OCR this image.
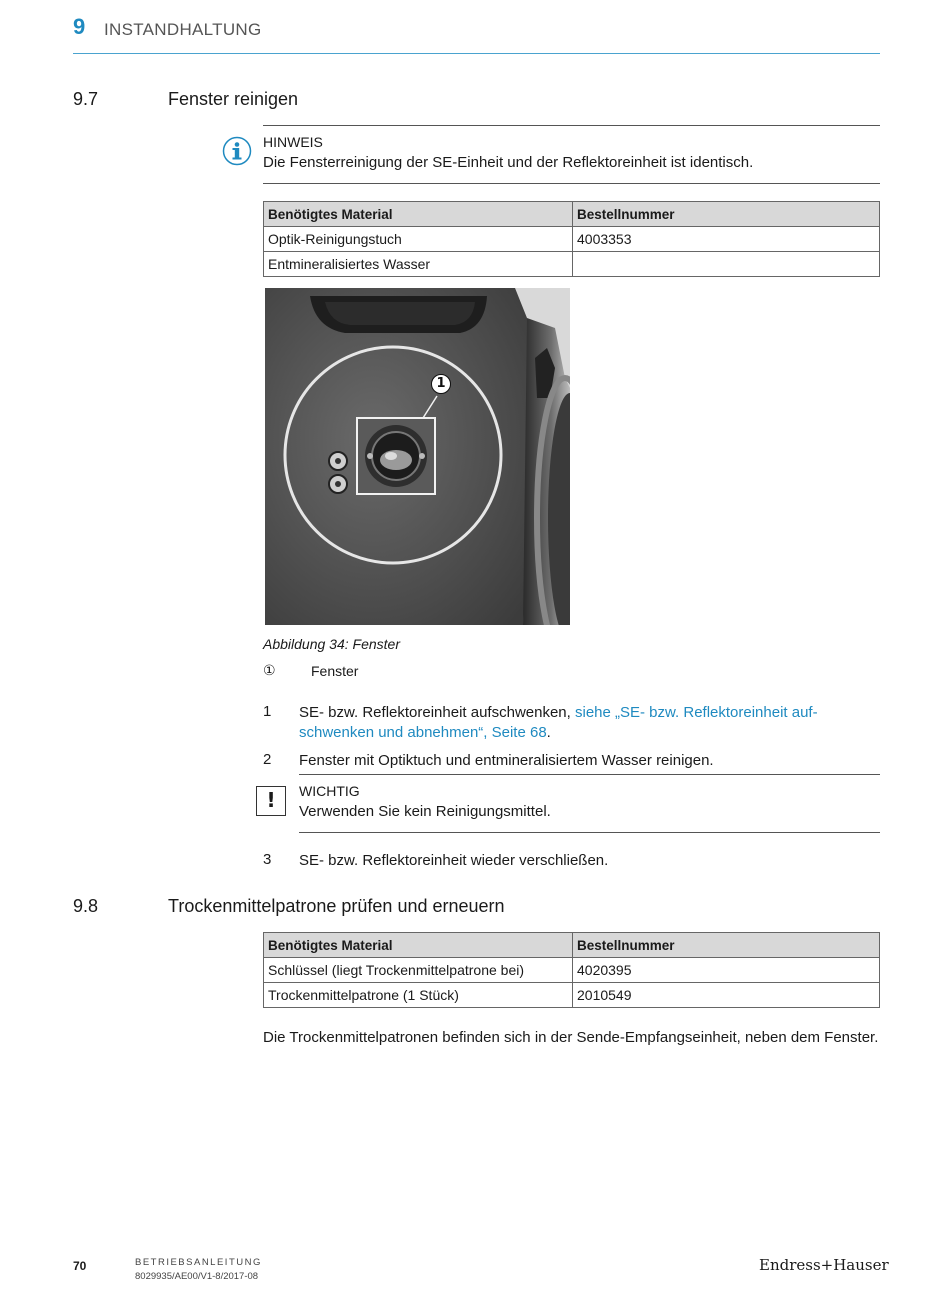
9 INSTANDHALTUNG
9.7	Fenster reinigen
HINWEIS
Die Fensterreinigung der SE-Einheit und der Reflektoreinheit ist identisch.
Benötigtes Material	Bestellnummer
Optik-Reinigungstuch	4003353
Entmineralisiertes Wasser	
1
Abbildung 34: Fenster
①	Fenster
1 SE- bzw. Reflektoreinheit aufschwenken, siehe „SE- bzw. Reflektoreinheit auf-schwenken und abnehmen“, Seite 68.
2 Fenster mit Optiktuch und entmineralisiertem Wasser reinigen.
!	WICHTIG
Verwenden Sie kein Reinigungsmittel.
3 SE- bzw. Reflektoreinheit wieder verschließen.
9.8	Trockenmittelpatrone prüfen und erneuern
Benötigtes Material	Bestellnummer
Schlüssel (liegt Trockenmittelpatrone bei)	4020395
Trockenmittelpatrone (1 Stück)	2010549
Die Trockenmittelpatronen befinden sich in der Sende-Empfangseinheit, neben dem Fenster.
70	BETRIEBSANLEITUNG
8029935/AE00/V1-8/2017-08
Endress+Hauser
